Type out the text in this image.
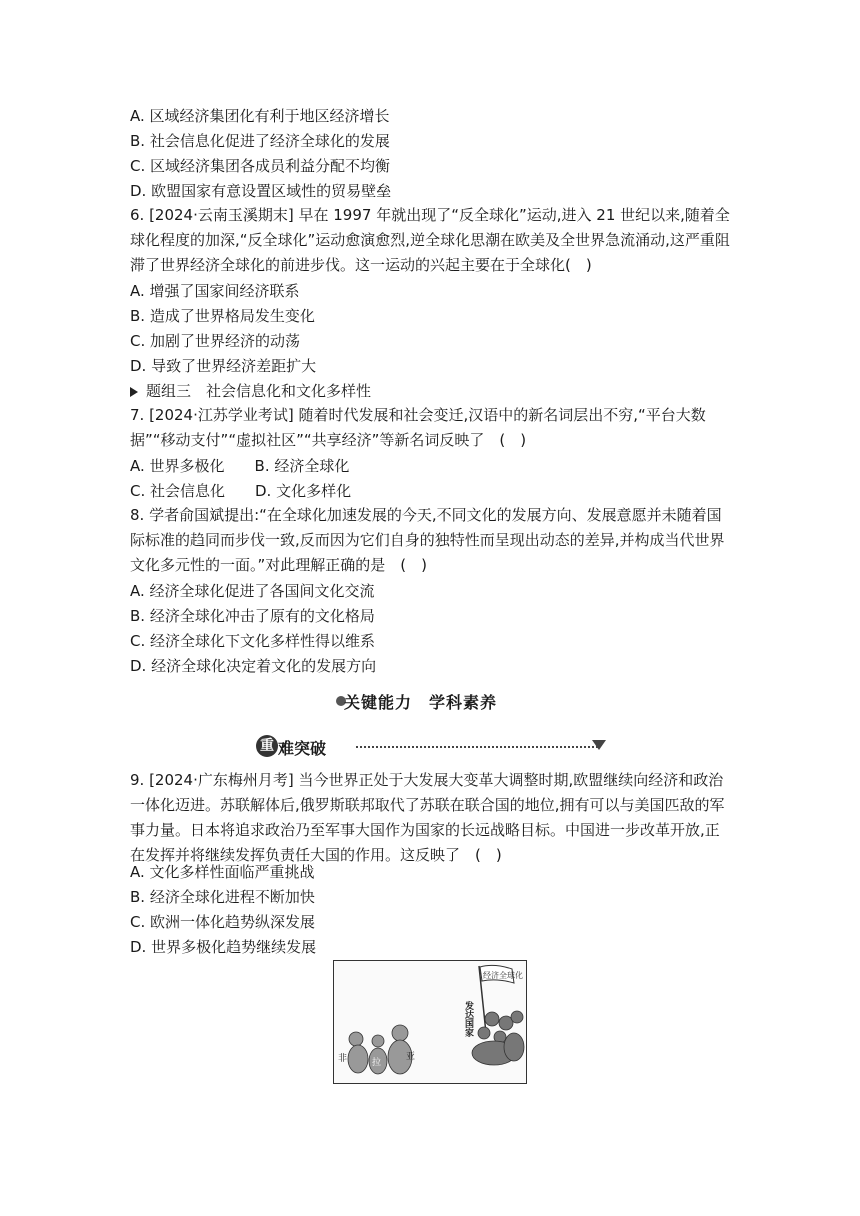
A. 区域经济集团化有利于地区经济增长
B. 社会信息化促进了经济全球化的发展
C. 区域经济集团各成员利益分配不均衡
D. 欧盟国家有意设置区域性的贸易壁垒
6. [2024·云南玉溪期末] 早在 1997 年就出现了“反全球化”运动,进入 21 世纪以来,随着全球化程度的加深,“反全球化”运动愈演愈烈,逆全球化思潮在欧美及全世界急流涌动,这严重阻滞了世界经济全球化的前进步伐。这一运动的兴起主要在于全球化(　)
A. 增强了国家间经济联系
B. 造成了世界格局发生变化
C. 加剧了世界经济的动荡
D. 导致了世界经济差距扩大
题组三　社会信息化和文化多样性
7. [2024·江苏学业考试] 随着时代发展和社会变迁,汉语中的新名词层出不穷,“平台大数据”“移动支付”“虚拟社区”“共享经济”等新名词反映了　(　)
A. 世界多极化　　B. 经济全球化
C. 社会信息化　　D. 文化多样化
8. 学者俞国斌提出:“在全球化加速发展的今天,不同文化的发展方向、发展意愿并未随着国际标准的趋同而步伐一致,反而因为它们自身的独特性而呈现出动态的差异,并构成当代世界文化多元性的一面。”对此理解正确的是　(　)
A. 经济全球化促进了各国间文化交流
B. 经济全球化冲击了原有的文化格局
C. 经济全球化下文化多样性得以维系
D. 经济全球化决定着文化的发展方向
关键能力　学科素养
重 难突破
9. [2024·广东梅州月考] 当今世界正处于大发展大变革大调整时期,欧盟继续向经济和政治一体化迈进。苏联解体后,俄罗斯联邦取代了苏联在联合国的地位,拥有可以与美国匹敌的军事力量。日本将追求政治乃至军事大国作为国家的长远战略目标。中国进一步改革开放,正在发挥并将继续发挥负责任大国的作用。这反映了　(　)
A. 文化多样性面临严重挑战
B. 经济全球化进程不断加快
C. 欧洲一体化趋势纵深发展
D. 世界多极化趋势继续发展
经济全球化
发达国家
非	拉
亚
